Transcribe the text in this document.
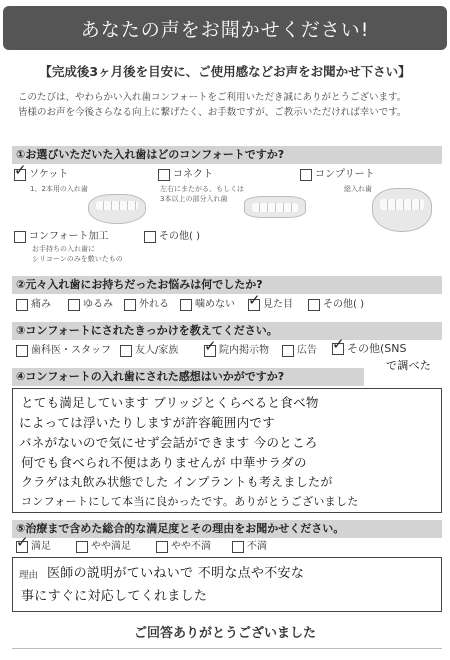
あなたの声をお聞かせください!
【完成後3ヶ月後を目安に、ご使用感などお声をお聞かせ下さい】
このたびは、やわらかい入れ歯コンフォートをご利用いただき誠にありがとうございます。
皆様のお声を今後さらなる向上に繋げたく、お手数ですが、ご教示いただければ幸いです。
①お選びいただいた入れ歯はどのコンフォートですか?
✓
ソケット
1、2本用の入れ歯
コネクト
左右にまたがる、もしくは
3本以上の部分入れ歯
コンプリート
総入れ歯
コンフォート加工
お手持ちの入れ歯に
シリコーンのみを敷いたもの
その他( )
②元々入れ歯にお持ちだったお悩みは何でしたか?
痛み	ゆるみ	外れる	噛めない ✓	見た目	その他( )
③コンフォートにされたきっかけを教えてください。
歯科医・スタッフ 友人/家族 ✓	院内掲示物	広告 ✓	その他(SNS
で調べた
④コンフォートの入れ歯にされた感想はいかがですか?
とても満足しています ブリッジとくらべると食べ物
によっては浮いたりしますが許容範囲内です
バネがないので気にせず会話ができます 今のところ
何でも食べられ不便はありませんが 中華サラダの
クラゲは丸飲み状態でした インプラントも考えましたが
コンフォートにして本当に良かったです。ありがとうございました
⑤治療まで含めた総合的な満足度とその理由をお聞かせください。
✓
満足	やや満足	やや不満	不満
理由 医師の説明がていねいで 不明な点や不安な
事にすぐに対応してくれました
ご回答ありがとうございました
